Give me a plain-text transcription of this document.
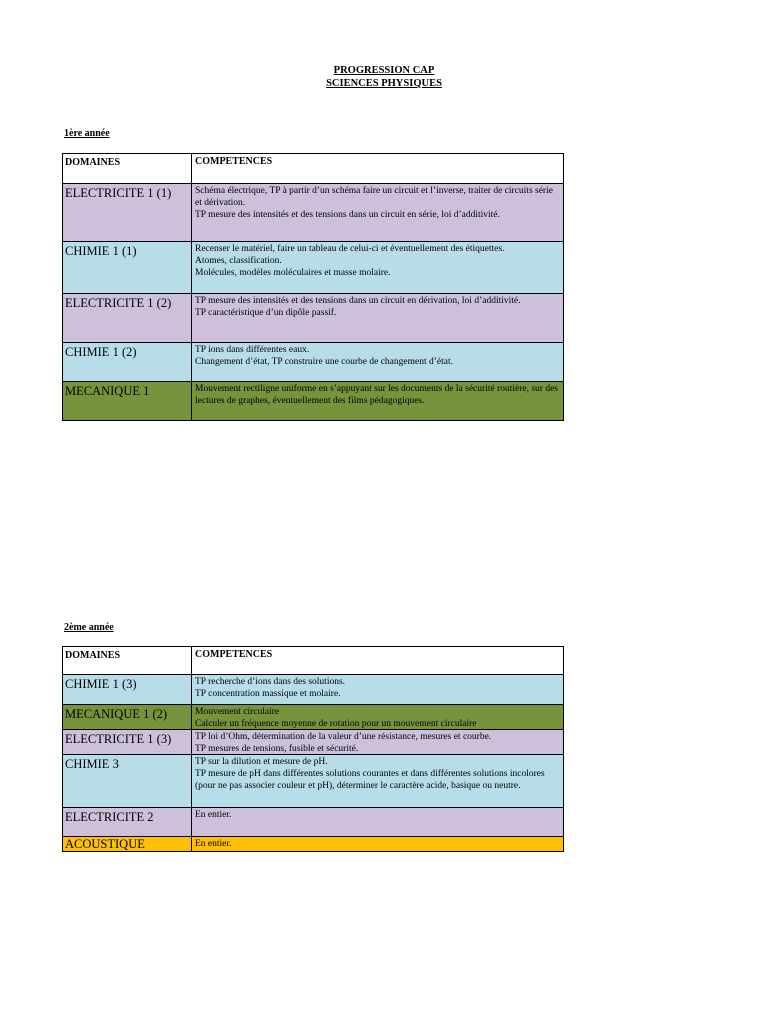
PROGRESSION CAP
SCIENCES PHYSIQUES
1ère année
DOMAINES	COMPETENCES
ELECTRICITE 1 (1)	Schéma électrique, TP à partir d’un schéma faire un circuit et l’inverse, traiter de circuits série et dérivation.
TP mesure des intensités et des tensions dans un circuit en série, loi d’additivité.
CHIMIE 1 (1)	Recenser le matériel, faire un tableau de celui-ci et éventuellement des étiquettes.
Atomes, classification.
Molécules, modèles moléculaires et masse molaire.
ELECTRICITE 1 (2)	TP mesure des intensités et des tensions dans un circuit en dérivation, loi d’additivité.
TP caractéristique d’un dipôle passif.
CHIMIE 1 (2)	TP ions dans différentes eaux.
Changement d’état, TP construire une courbe de changement d’état.
MECANIQUE 1	Mouvement rectiligne uniforme en s’appuyant sur les documents de la sécurité routière, sur des lectures de graphes, éventuellement des films pédagogiques.
2ème année
DOMAINES	COMPETENCES
CHIMIE 1 (3)	TP recherche d’ions dans des solutions.
TP concentration massique et molaire.
MECANIQUE 1 (2)	Mouvement circulaire
Calculer un fréquence moyenne de rotation pour un mouvement circulaire
ELECTRICITE 1 (3)	TP loi d’Ohm, détermination de la valeur d’une résistance, mesures et courbe.
TP mesures de tensions, fusible et sécurité.
CHIMIE 3	TP sur la dilution et mesure de pH.
TP mesure de pH dans différentes solutions courantes et dans différentes solutions incolores (pour ne pas associer couleur et pH), déterminer le caractère acide, basique ou neutre.
ELECTRICITE 2	En entier.
ACOUSTIQUE	En entier.
